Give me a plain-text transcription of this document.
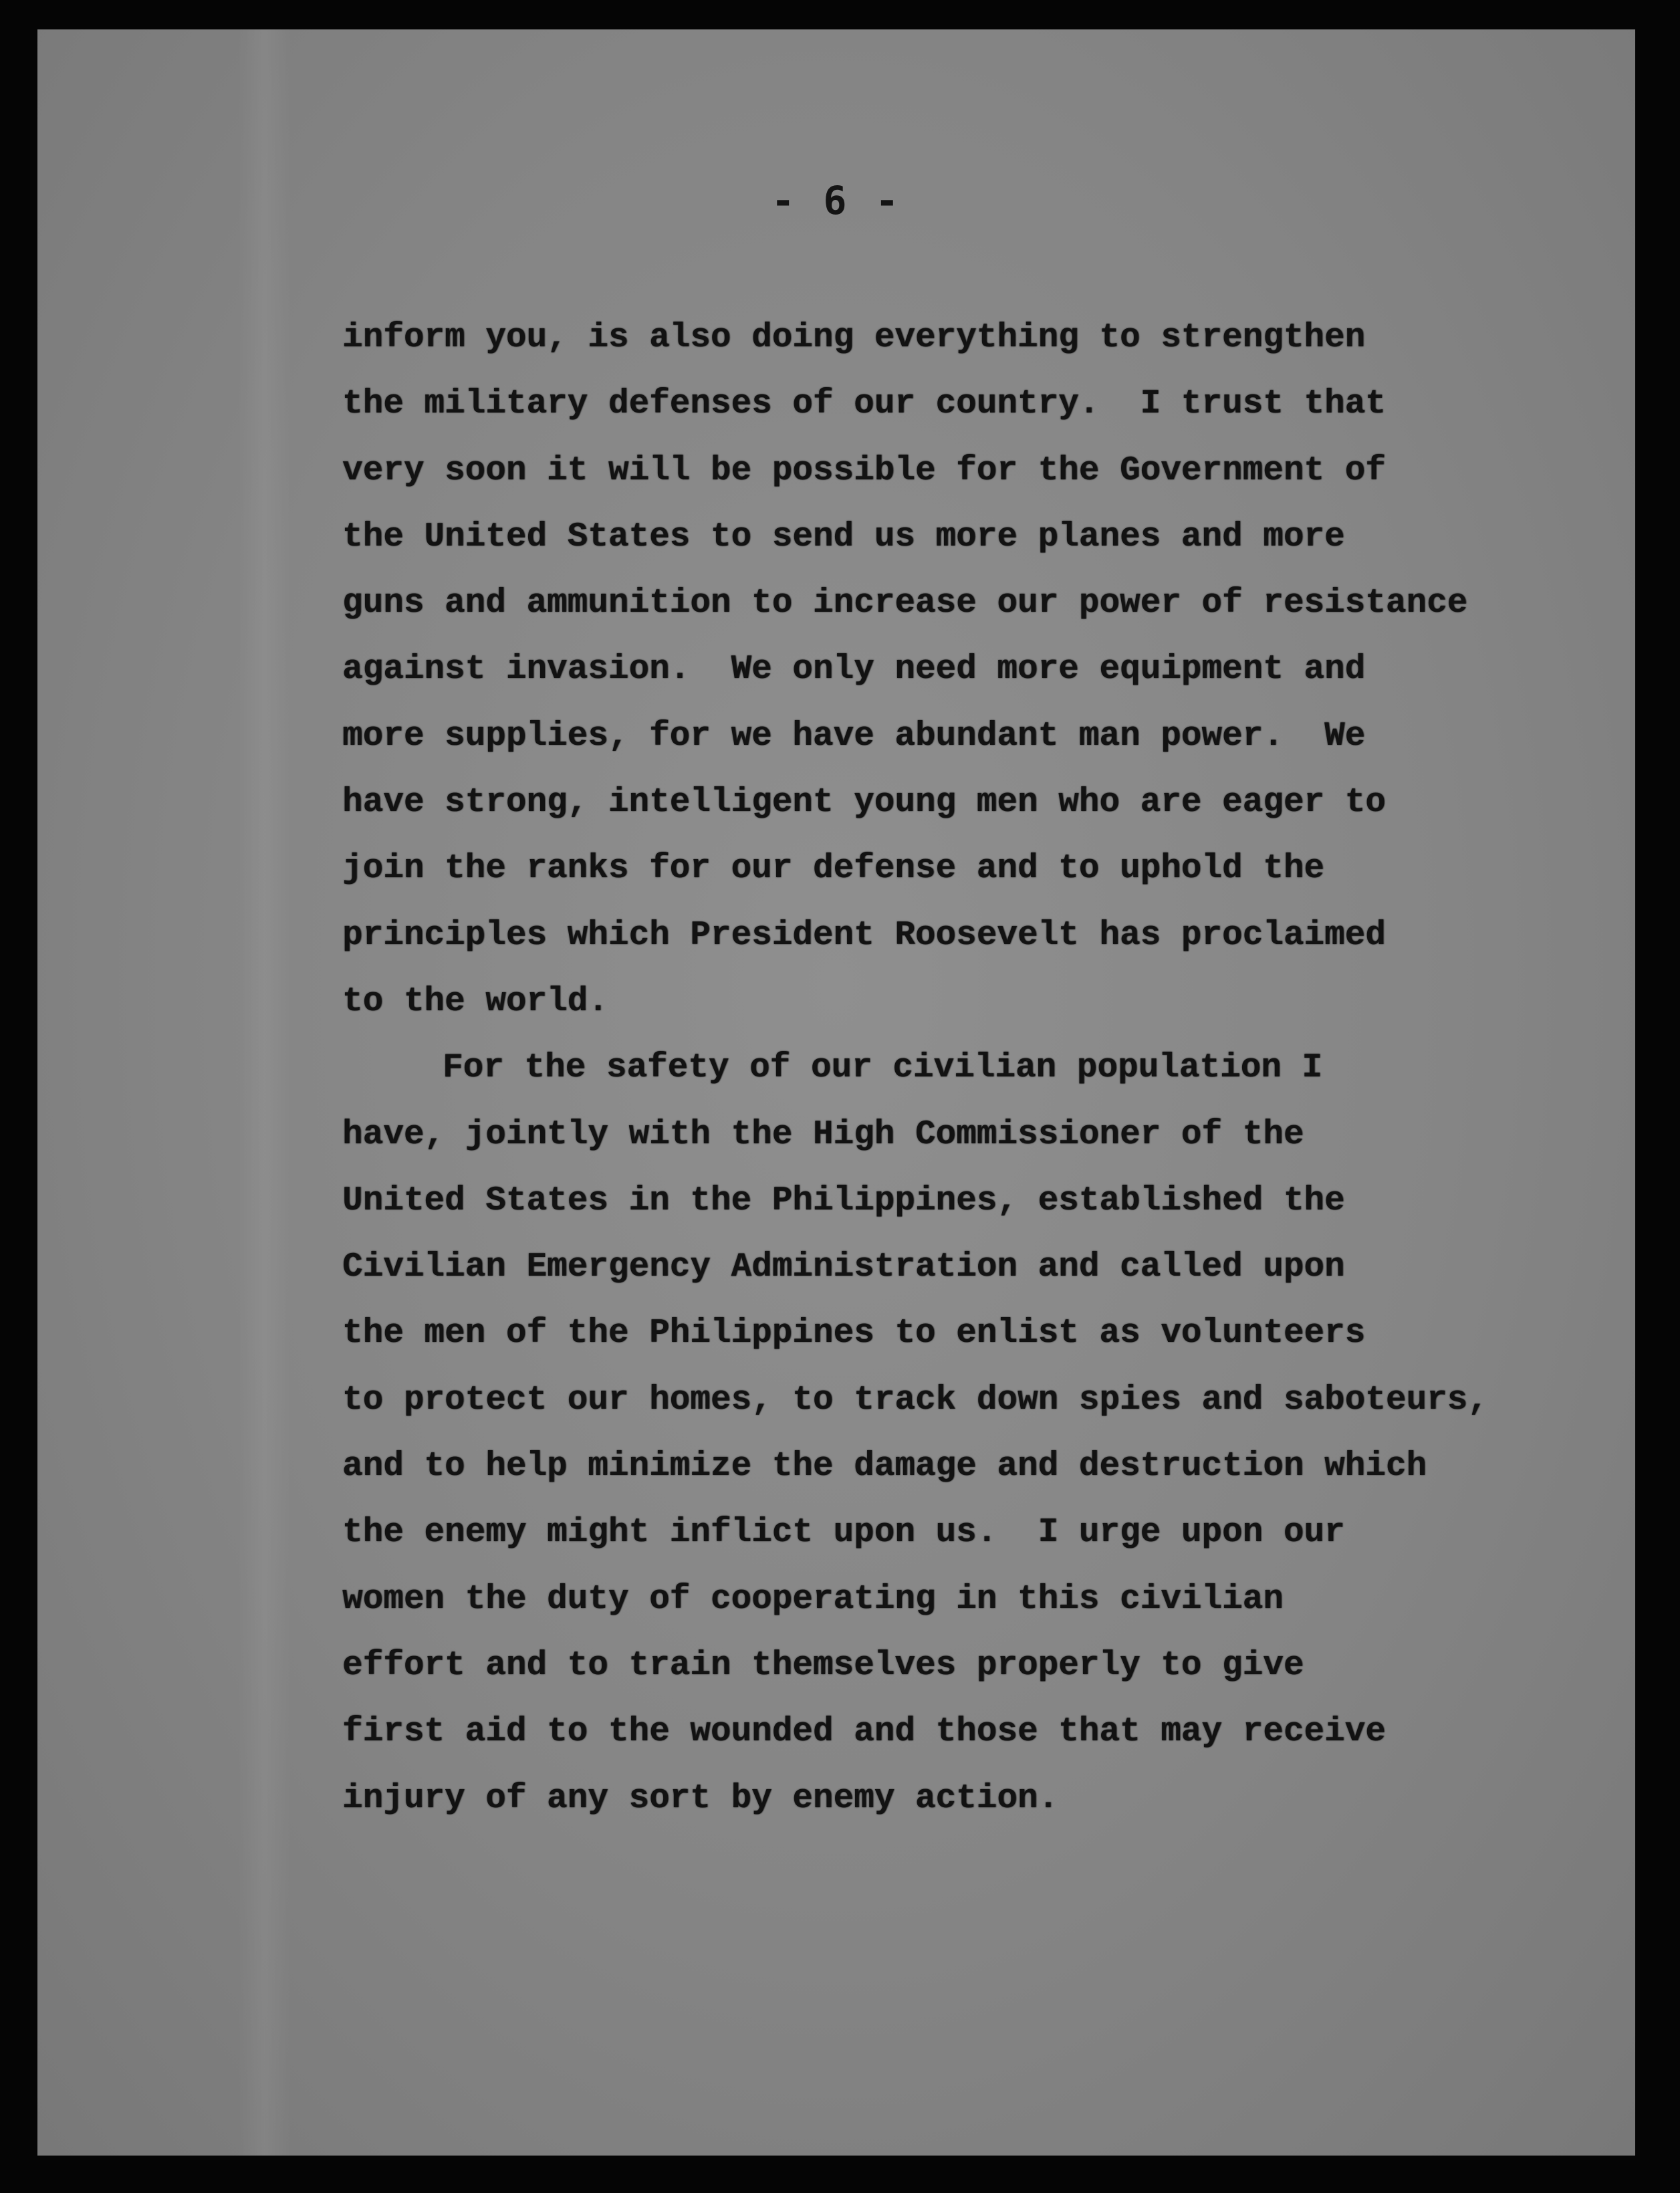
- 6 -
inform you, is also doing everything to strengthen
the military defenses of our country.  I trust that
very soon it will be possible for the Government of
the United States to send us more planes and more
guns and ammunition to increase our power of resistance
against invasion.  We only need more equipment and
more supplies, for we have abundant man power.  We
have strong, intelligent young men who are eager to
join the ranks for our defense and to uphold the
principles which President Roosevelt has proclaimed
to the world.
For the safety of our civilian population I
have, jointly with the High Commissioner of the
United States in the Philippines, established the
Civilian Emergency Administration and called upon
the men of the Philippines to enlist as volunteers
to protect our homes, to track down spies and saboteurs,
and to help minimize the damage and destruction which
the enemy might inflict upon us.  I urge upon our
women the duty of cooperating in this civilian
effort and to train themselves properly to give
first aid to the wounded and those that may receive
injury of any sort by enemy action.
